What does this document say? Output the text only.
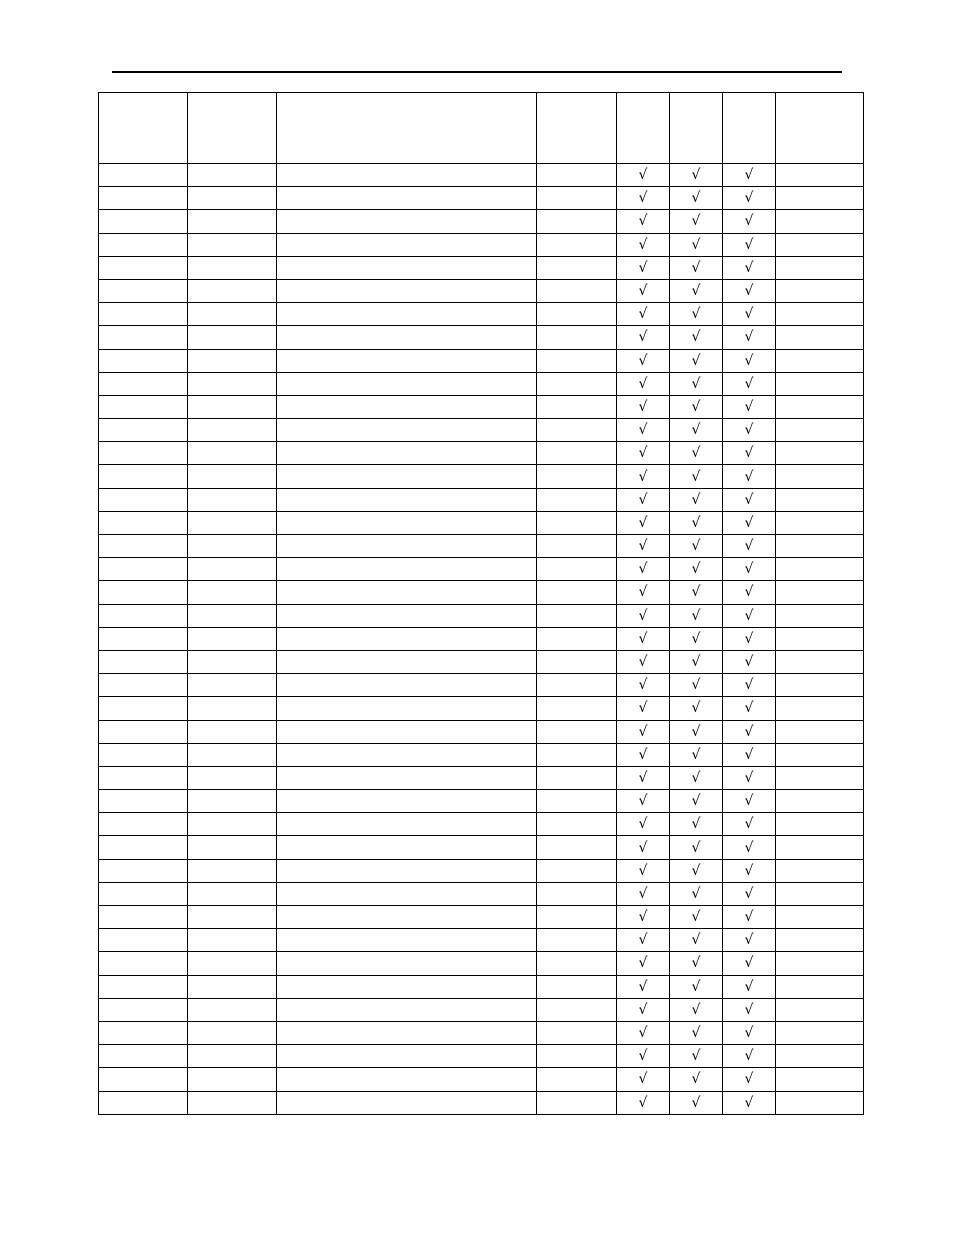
				√	√	√	
				√	√	√	
				√	√	√	
				√	√	√	
				√	√	√	
				√	√	√	
				√	√	√	
				√	√	√	
				√	√	√	
				√	√	√	
				√	√	√	
				√	√	√	
				√	√	√	
				√	√	√	
				√	√	√	
				√	√	√	
				√	√	√	
				√	√	√	
				√	√	√	
				√	√	√	
				√	√	√	
				√	√	√	
				√	√	√	
				√	√	√	
				√	√	√	
				√	√	√	
				√	√	√	
				√	√	√	
				√	√	√	
				√	√	√	
				√	√	√	
				√	√	√	
				√	√	√	
				√	√	√	
				√	√	√	
				√	√	√	
				√	√	√	
				√	√	√	
				√	√	√	
				√	√	√	
				√	√	√	
